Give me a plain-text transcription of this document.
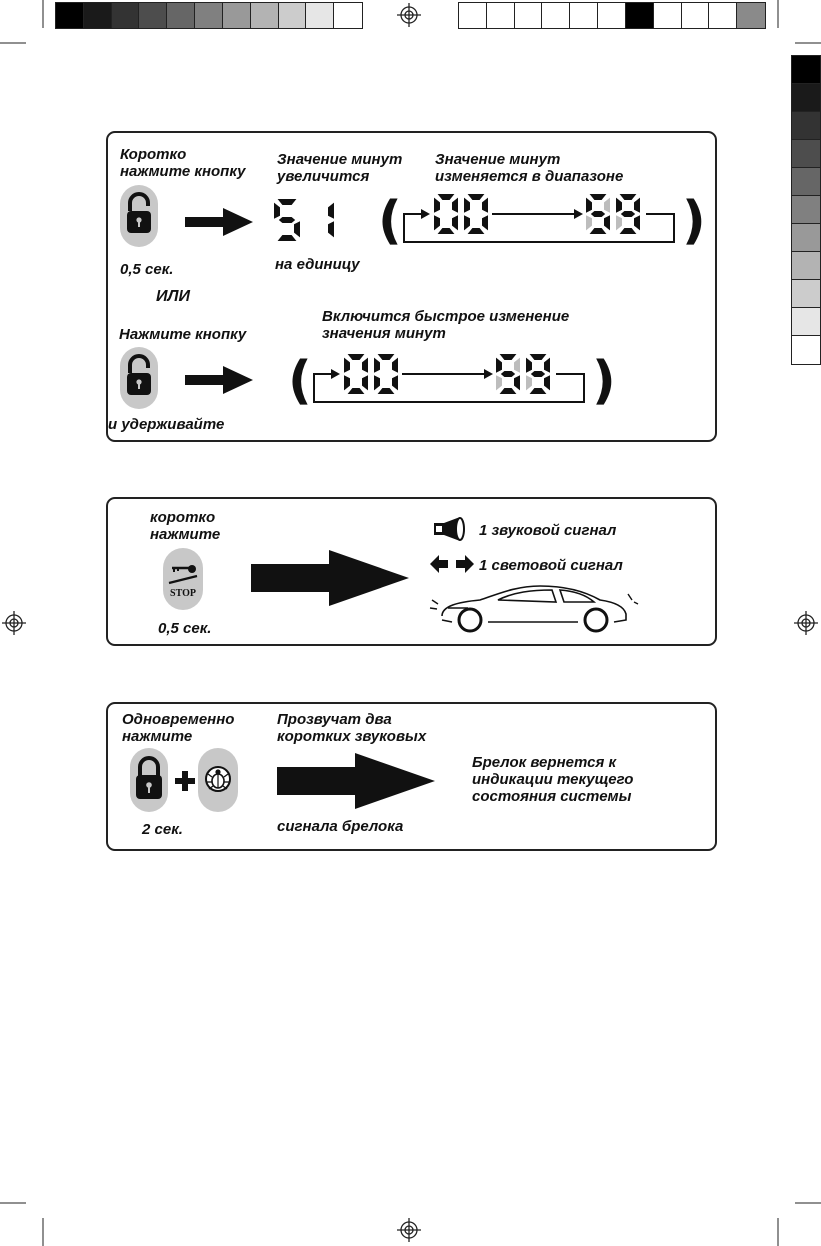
Коротко
нажмите кнопку
Значение минут
увеличится
Значение минут
изменяется в диапазоне
на единицу
0,5 сек.
(	)
ИЛИ
Включится быстрое изменение
значения минут
Нажмите кнопку
(	)
и удерживайте
коротко
нажмите
STOP
0,5 сек.
1 звуковой сигнал
1 световой сигнал
Одновременно
нажмите
2 сек.
Прозвучат два
коротких звуковых
сигнала брелока
Брелок вернется к
индикации текущего
состояния системы
